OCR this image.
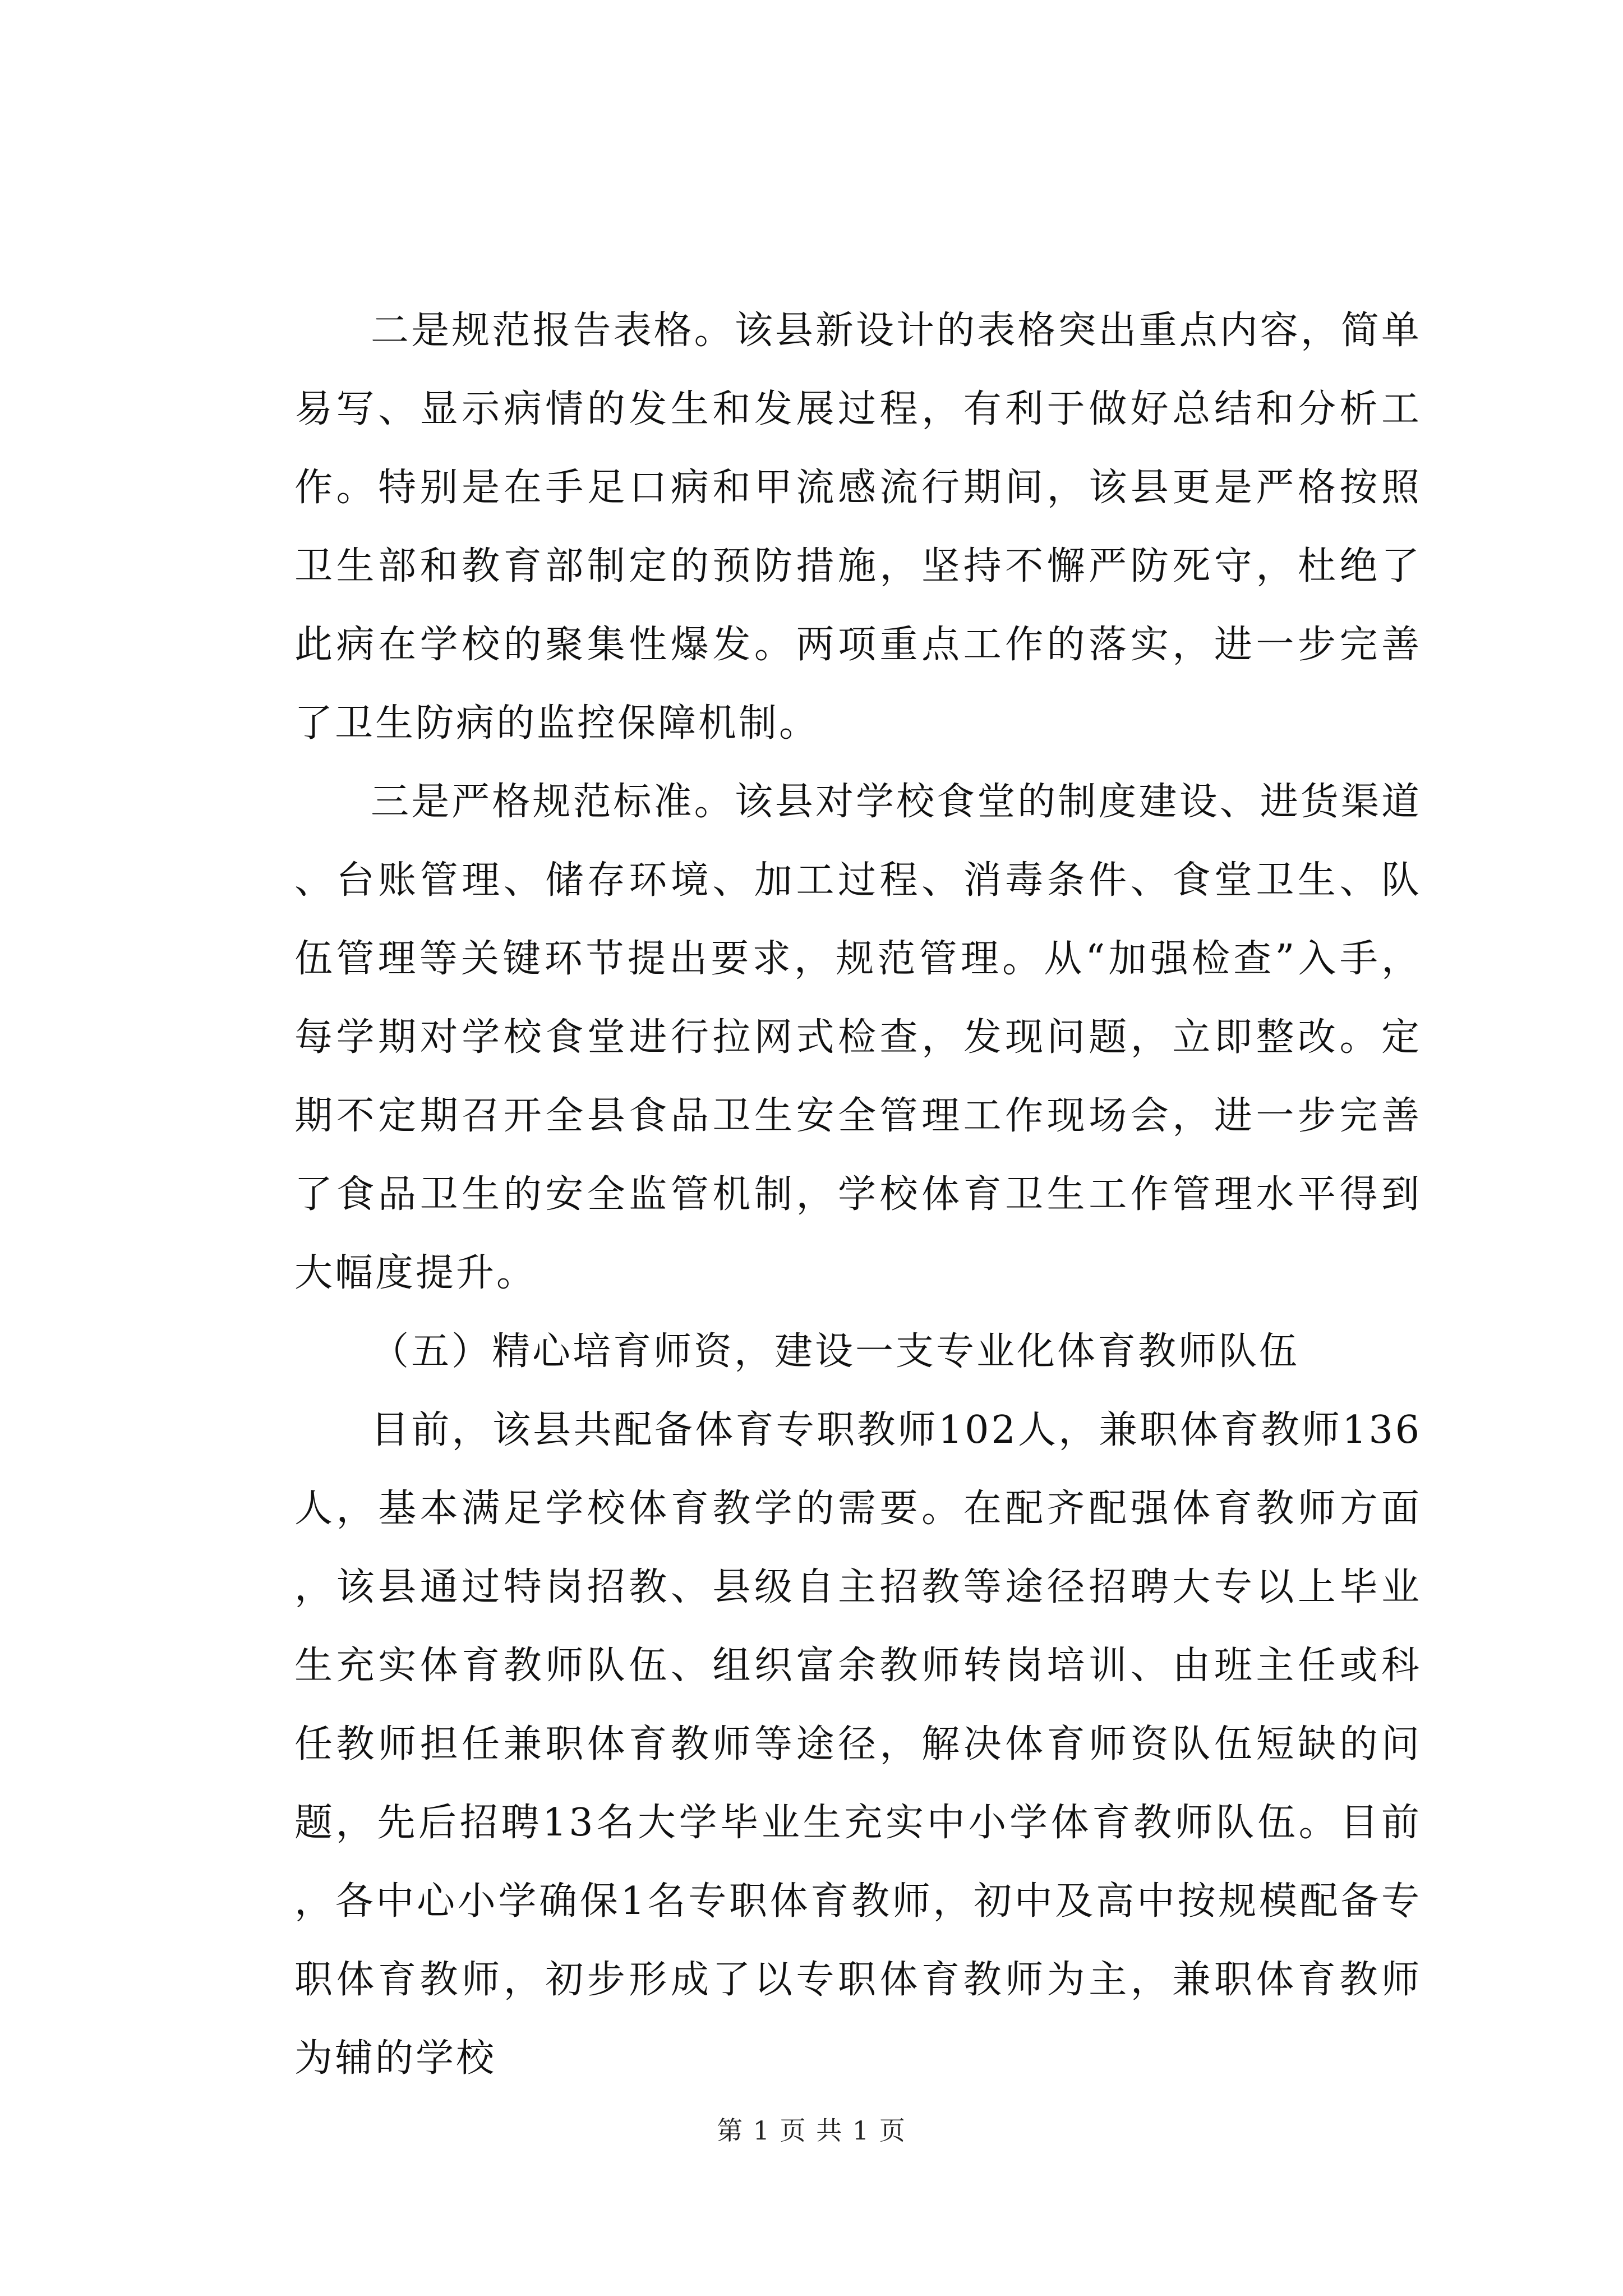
二是规范报告表格。该县新设计的表格突出重点内容，简单易写、显示病情的发生和发展过程，有利于做好总结和分析工作。特别是在手足口病和甲流感流行期间，该县更是严格按照卫生部和教育部制定的预防措施，坚持不懈严防死守，杜绝了此病在学校的聚集性爆发。两项重点工作的落实，进一步完善了卫生防病的监控保障机制。

三是严格规范标准。该县对学校食堂的制度建设、进货渠道、台账管理、储存环境、加工过程、消毒条件、食堂卫生、队伍管理等关键环节提出要求，规范管理。从“加强检查”入手，每学期对学校食堂进行拉网式检查，发现问题，立即整改。定期不定期召开全县食品卫生安全管理工作现场会，进一步完善了食品卫生的安全监管机制，学校体育卫生工作管理水平得到大幅度提升。

（五）精心培育师资，建设一支专业化体育教师队伍

目前，该县共配备体育专职教师102人，兼职体育教师136人，基本满足学校体育教学的需要。在配齐配强体育教师方面，该县通过特岗招教、县级自主招教等途径招聘大专以上毕业生充实体育教师队伍、组织富余教师转岗培训、由班主任或科任教师担任兼职体育教师等途径，解决体育师资队伍短缺的问题，先后招聘13名大学毕业生充实中小学体育教师队伍。目前，各中心小学确保1名专职体育教师，初中及高中按规模配备专职体育教师，初步形成了以专职体育教师为主，兼职体育教师为辅的学校

第 1 页 共 1 页
